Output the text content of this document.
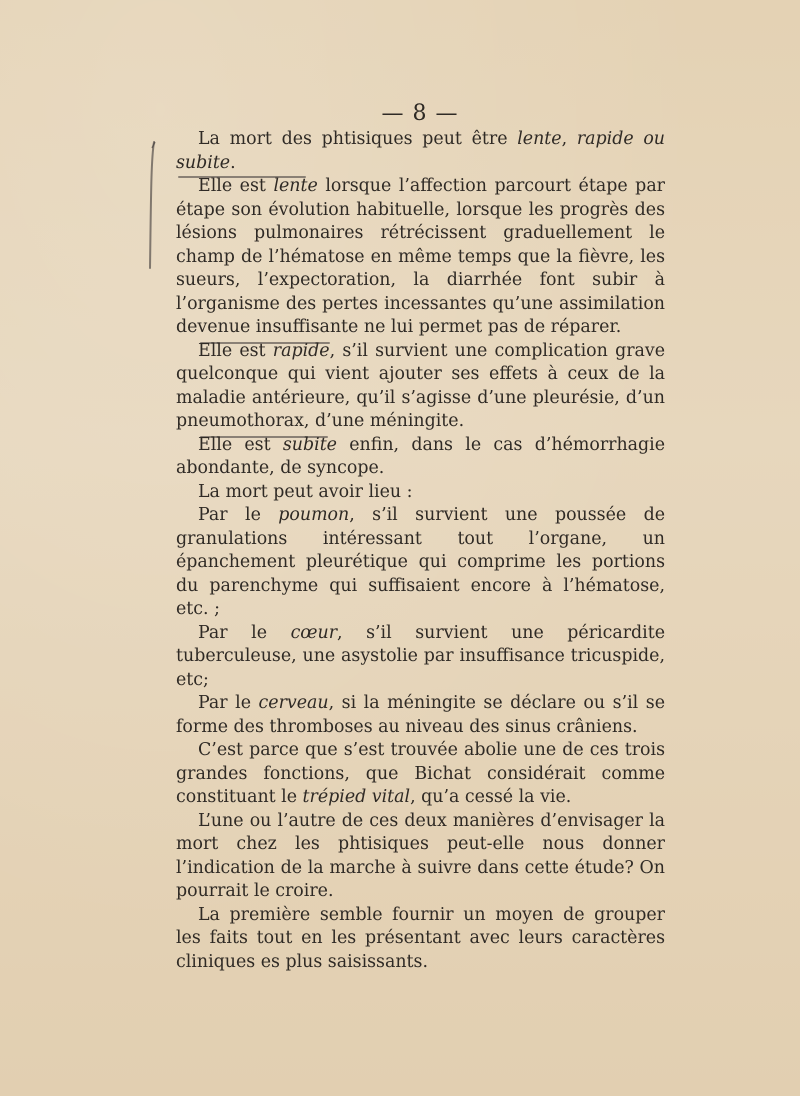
— 8 —

La mort des phtisiques peut être lente, rapide ou subite.

Elle est lente lorsque l’affection parcourt étape par étape son évolution habituelle, lorsque les progrès des lésions pulmonaires rétrécissent graduellement le champ de l’hématose en même temps que la fièvre, les sueurs, l’expectoration, la diarrhée font subir à l’organisme des pertes incessantes qu’une assimilation devenue insuffisante ne lui permet pas de réparer.

Elle est rapide, s’il survient une complication grave quelconque qui vient ajouter ses effets à ceux de la maladie antérieure, qu’il s’agisse d’une pleurésie, d’un pneumothorax, d’une méningite.

Elle est subite enfin, dans le cas d’hémorrhagie abondante, de syncope.

La mort peut avoir lieu :

Par le poumon, s’il survient une poussée de granulations intéressant tout l’organe, un épanchement pleurétique qui comprime les portions du parenchyme qui suffisaient encore à l’hématose, etc. ;

Par le cœur, s’il survient une péricardite tuberculeuse, une asystolie par insuffisance tricuspide, etc;

Par le cerveau, si la méningite se déclare ou s’il se forme des thromboses au niveau des sinus crâniens.

C’est parce que s’est trouvée abolie une de ces trois grandes fonctions, que Bichat considérait comme constituant le trépied vital, qu’a cessé la vie.

L’une ou l’autre de ces deux manières d’envisager la mort chez les phtisiques peut-elle nous donner l’indication de la marche à suivre dans cette étude? On pourrait le croire.

La première semble fournir un moyen de grouper les faits tout en les présentant avec leurs caractères cliniques es plus saisissants.
